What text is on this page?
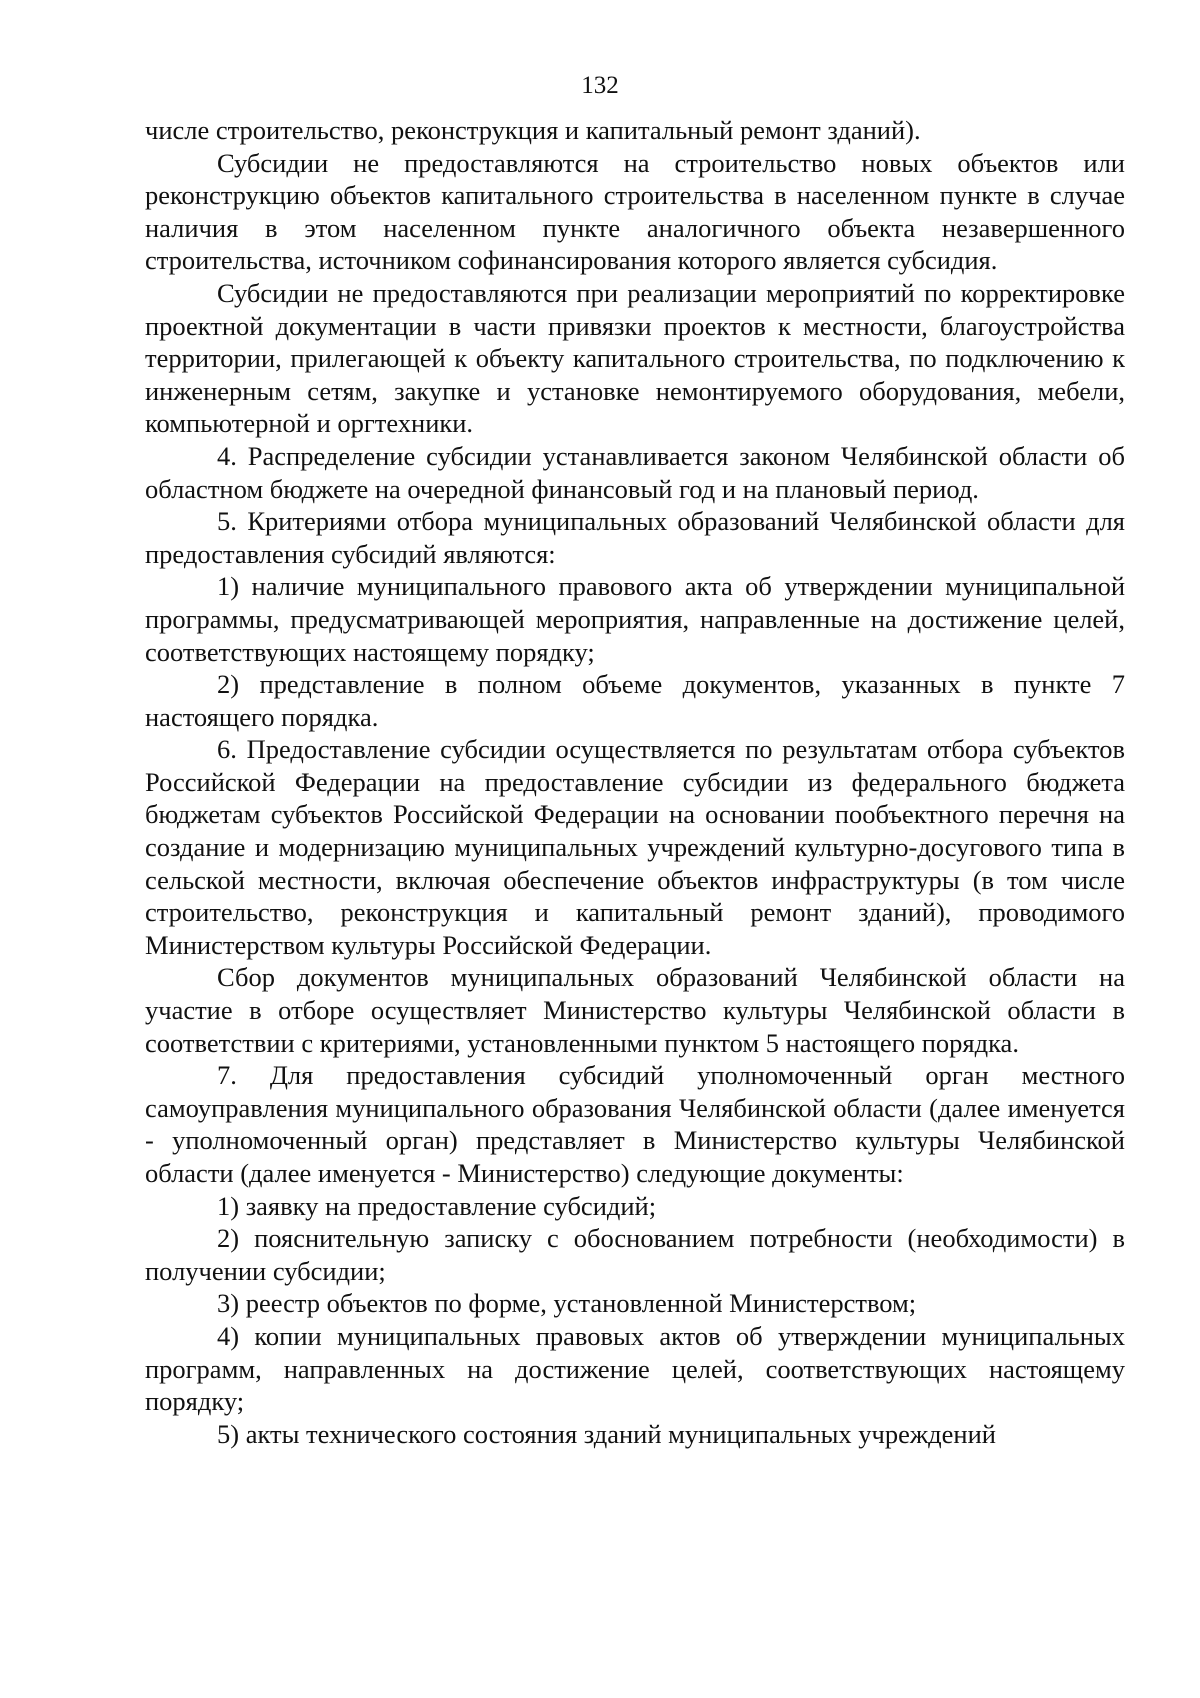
132

числе строительство, реконструкция и капитальный ремонт зданий).

Субсидии не предоставляются на строительство новых объектов или реконструкцию объектов капитального строительства в населенном пункте в случае наличия в этом населенном пункте аналогичного объекта незавершенного строительства, источником софинансирования которого является субсидия.

Субсидии не предоставляются при реализации мероприятий по корректировке проектной документации в части привязки проектов к местности, благоустройства территории, прилегающей к объекту капитального строительства, по подключению к инженерным сетям, закупке и установке немонтируемого оборудования, мебели, компьютерной и оргтехники.

4. Распределение субсидии устанавливается законом Челябинской области об областном бюджете на очередной финансовый год и на плановый период.

5. Критериями отбора муниципальных образований Челябинской области для предоставления субсидий являются:

1) наличие муниципального правового акта об утверждении муниципальной программы, предусматривающей мероприятия, направленные на достижение целей, соответствующих настоящему порядку;

2) представление в полном объеме документов, указанных в пункте 7 настоящего порядка.

6. Предоставление субсидии осуществляется по результатам отбора субъектов Российской Федерации на предоставление субсидии из федерального бюджета бюджетам субъектов Российской Федерации на основании пообъектного перечня на создание и модернизацию муниципальных учреждений культурно-досугового типа в сельской местности, включая обеспечение объектов инфраструктуры (в том числе строительство, реконструкция и капитальный ремонт зданий), проводимого Министерством культуры Российской Федерации.

Сбор документов муниципальных образований Челябинской области на участие в отборе осуществляет Министерство культуры Челябинской области в соответствии с критериями, установленными пунктом 5 настоящего порядка.

7. Для предоставления субсидий уполномоченный орган местного самоуправления муниципального образования Челябинской области (далее именуется - уполномоченный орган) представляет в Министерство культуры Челябинской области (далее именуется - Министерство) следующие документы:

1) заявку на предоставление субсидий;

2) пояснительную записку с обоснованием потребности (необходимости) в получении субсидии;

3) реестр объектов по форме, установленной Министерством;

4) копии муниципальных правовых актов об утверждении муниципальных программ, направленных на достижение целей, соответствующих настоящему порядку;

5) акты технического состояния зданий муниципальных учреждений
